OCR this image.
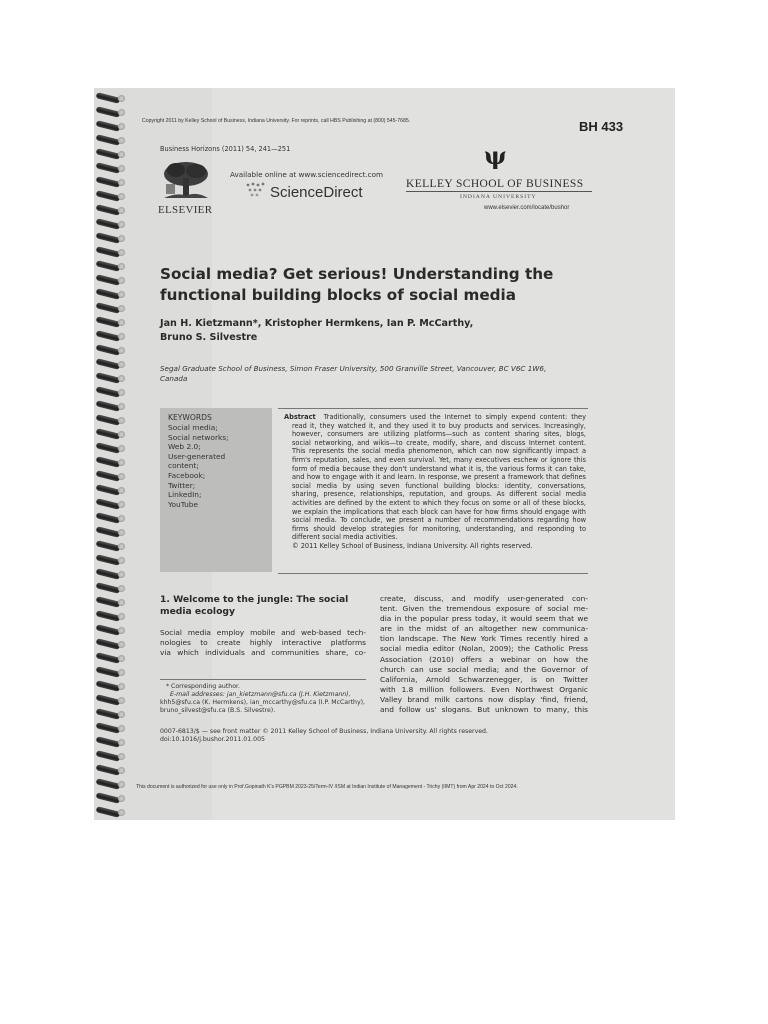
Copyright 2011 by Kelley School of Business, Indiana University. For reprints, call HBS Publishing at (800) 545-7685.	BH 433
Business Horizons (2011) 54, 241—251
ELSEVIER
Available online at www.sciencedirect.com
ScienceDirect
ψ
KELLEY SCHOOL OF BUSINESS
INDIANA UNIVERSITY
www.elsevier.com/locate/bushor
Social media? Get serious! Understanding the
functional building blocks of social media
Jan H. Kietzmann*, Kristopher Hermkens, Ian P. McCarthy,
Bruno S. Silvestre
Segal Graduate School of Business, Simon Fraser University, 500 Granville Street, Vancouver, BC V6C 1W6,
Canada
KEYWORDS
Social media;
Social networks;
Web 2.0;
User-generated
content;
Facebook;
Twitter;
LinkedIn;
YouTube
Abstract Traditionally, consumers used the Internet to simply expend content: they
read it, they watched it, and they used it to buy products and services. Increasingly,
however, consumers are utilizing platforms—such as content sharing sites, blogs,
social networking, and wikis—to create, modify, share, and discuss Internet content.
This represents the social media phenomenon, which can now significantly impact a
firm's reputation, sales, and even survival. Yet, many executives eschew or ignore this
form of media because they don't understand what it is, the various forms it can take,
and how to engage with it and learn. In response, we present a framework that defines
social media by using seven functional building blocks: identity, conversations,
sharing, presence, relationships, reputation, and groups. As different social media
activities are defined by the extent to which they focus on some or all of these blocks,
we explain the implications that each block can have for how firms should engage with
social media. To conclude, we present a number of recommendations regarding how
firms should develop strategies for monitoring, understanding, and responding to
different social media activities.
© 2011 Kelley School of Business, Indiana University. All rights reserved.
1. Welcome to the jungle: The social
media ecology
Social media employ mobile and web-based tech-
nologies to create highly interactive platforms
via which individuals and communities share, co-
create, discuss, and modify user-generated con-
tent. Given the tremendous exposure of social me-
dia in the popular press today, it would seem that we
are in the midst of an altogether new communica-
tion landscape. The New York Times recently hired a
social media editor (Nolan, 2009); the Catholic Press
Association (2010) offers a webinar on how the
church can use social media; and the Governor of
California, Arnold Schwarzenegger, is on Twitter
with 1.8 million followers. Even Northwest Organic
Valley brand milk cartons now display 'find, friend,
and follow us' slogans. But unknown to many, this
* Corresponding author.
E-mail addresses: jan_kietzmann@sfu.ca (J.H. Kietzmann),
khh5@sfu.ca (K. Hermkens), ian_mccarthy@sfu.ca (I.P. McCarthy),
bruno_silvest@sfu.ca (B.S. Silvestre).
0007-6813/$ — see front matter © 2011 Kelley School of Business, Indiana University. All rights reserved.
doi:10.1016/j.bushor.2011.01.005
This document is authorized for use only in Prof.Gopinath K's PGPBM 2023-25/Term-IV /ISM at Indian Institute of Management - Trichy (IIMT) from Apr 2024 to Oct 2024.
